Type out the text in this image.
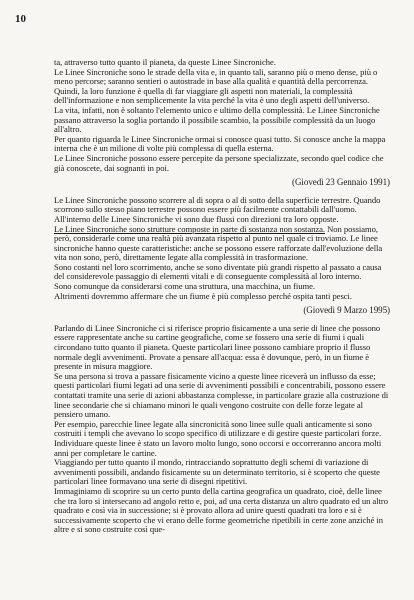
10

ta, attraverso tutto quanto il pianeta, da queste Linee Sincroniche.

Le Linee Sincroniche sono le strade della vita e, in quanto tali, saranno più o meno dense, più o meno percorse; saranno sentieri o autostrade in base alla qualità e quantità della percorrenza. Quindi, la loro funzione è quella di far viaggiare gli aspetti non materiali, la complessità dell'informazione e non semplicemente la vita perché la vita è uno degli aspetti dell'universo.

La vita, infatti, non è soltanto l'elemento unico e ultimo della complessità. Le Linee Sincroniche passano attraverso la soglia portando il possibile scambio, la possibile complessità da un luogo all'altro.

Per quanto riguarda le Linee Sincroniche ormai si conosce quasi tutto. Si conosce anche la mappa interna che è un milione di volte più complessa di quella esterna.

Le Linee Sincroniche possono essere percepite da persone specializzate, secondo quel codice che già conoscete, dai sognanti in poi.

(Giovedì 23 Gennaio 1991)

Le Linee Sincroniche possono scorrere al di sopra o al di sotto della superficie terrestre. Quando scorrono sullo stesso piano terrestre possono essere più facilmente contattabili dall'uomo.

All'interno delle Linee Sincroniche vi sono due flussi con direzioni tra loro opposte.

Le Linee Sincroniche sono strutture composte in parte di sostanza non sostanza. Non possiamo, però, considerarle come una realtà più avanzata rispetto al punto nel quale ci troviamo. Le linee sincroniche hanno queste caratteristiche: anche se possono essere rafforzate dall'evoluzione della vita non sono, però, direttamente legate alla complessità in trasformazione.

Sono costanti nel loro scorrimento, anche se sono diventate più grandi rispetto al passato a causa del considerevole passaggio di elementi vitali e di conseguente complessità al loro interno.

Sono comunque da considerarsi come una struttura, una macchina, un fiume.

Altrimenti dovremmo affermare che un fiume è più complesso perché ospita tanti pesci.

(Giovedì 9 Marzo 1995)

Parlando di Linee Sincroniche ci si riferisce proprio fisicamente a una serie di linee che possono essere rappresentate anche su cartine geografiche, come se fossero una serie di fiumi i quali circondano tutto quanto il pianeta. Queste particolari linee possono cambiare proprio il flusso normale degli avvenimenti. Provate a pensare all'acqua: essa è dovunque, però, in un fiume è presente in misura maggiore.

Se una persona si trova a passare fisicamente vicino a queste linee riceverà un influsso da esse; questi particolari fiumi legati ad una serie di avvenimenti possibili e concentrabili, possono essere contattati tramite una serie di azioni abbastanza complesse, in particolare grazie alla costruzione di linee secondarie che si chiamano minori le quali vengono costruite con delle forze legate al pensiero umano.

Per esempio, parecchie linee legate alla sincronicità sono linee sulle quali anticamente si sono costruiti i templi che avevano lo scopo specifico di utilizzare e di gestire queste particolari forze.

Individuare queste linee è stato un lavoro molto lungo, sono occorsi e occorreranno ancora molti anni per completare le cartine.

Viaggiando per tutto quanto il mondo, rintracciando soprattutto degli schemi di variazione di avvenimenti possibili, andando fisicamente su un determinato territorio, si è scoperto che queste particolari linee formavano una serie di disegni ripetitivi.

Immaginiamo di scoprire su un certo punto della cartina geografica un quadrato, cioè, delle linee che tra loro si intersecano ad angolo retto e, poi, ad una certa distanza un altro quadrato ed un altro quadrato e così via in successione; si è provato allora ad unire questi quadrati tra loro e si è successivamente scoperto che vi erano delle forme geometriche ripetibili in certe zone anziché in altre e si sono costruite così que-
